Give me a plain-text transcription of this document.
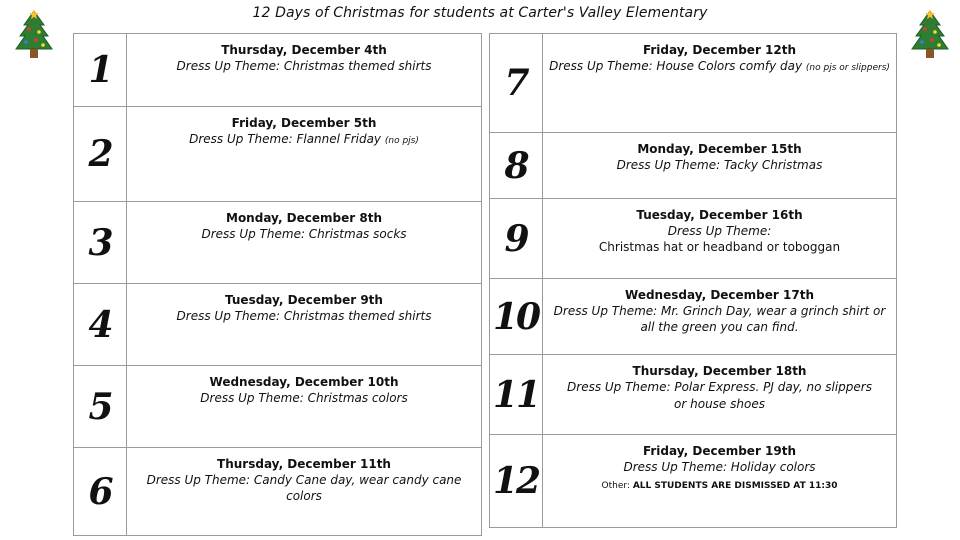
12 Days of Christmas for students at Carter's Valley Elementary
1	Thursday, December 4th
Dress Up Theme: Christmas themed shirts

2	Friday, December 5th
Dress Up Theme: Flannel Friday (no pjs)

3	Monday, December 8th
Dress Up Theme: Christmas socks

4	Tuesday, December 9th
Dress Up Theme: Christmas themed shirts

5	Wednesday, December 10th
Dress Up Theme: Christmas colors

6	Thursday, December 11th
Dress Up Theme: Candy Cane day, wear candy cane colors
7	Friday, December 12th
Dress Up Theme: House Colors comfy day (no pjs or slippers)

8	Monday, December 15th
Dress Up Theme: Tacky Christmas

9	Tuesday, December 16th
Dress Up Theme:
Christmas hat or headband or toboggan

10	Wednesday, December 17th
Dress Up Theme: Mr. Grinch Day, wear a grinch shirt or all the green you can find.

11	Thursday, December 18th
Dress Up Theme: Polar Express. PJ day, no slippers or house shoes

12	Friday, December 19th
Dress Up Theme: Holiday colors
Other: ALL STUDENTS ARE DISMISSED AT 11:30
